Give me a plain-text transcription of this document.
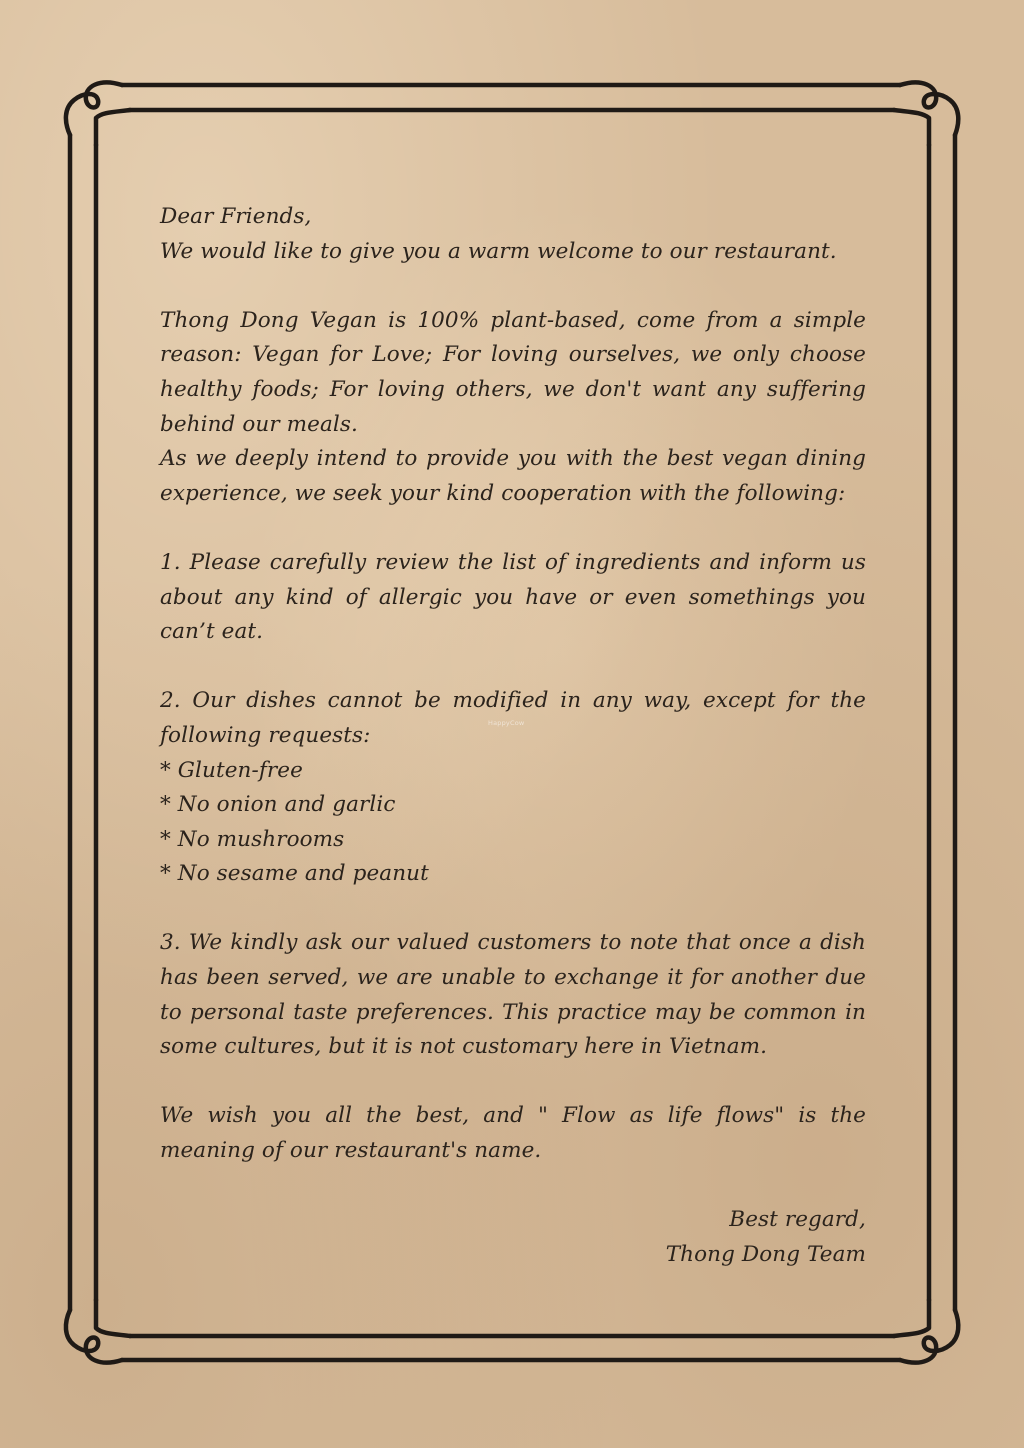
Dear Friends,

We would like to give you a warm welcome to our restaurant.

Thong Dong Vegan is 100% plant-based, come from a simple reason: Vegan for Love; For loving ourselves, we only choose healthy foods; For loving others, we don't want any suffering behind our meals.

As we deeply intend to provide you with the best vegan dining experience, we seek your kind cooperation with the following:

1. Please carefully review the list of ingredients and inform us about any kind of allergic you have or even somethings you can’t eat.

2. Our dishes cannot be modified in any way, except for the following requests:

* Gluten-free
* No onion and garlic
* No mushrooms
* No sesame and peanut

3. We kindly ask our valued customers to note that once a dish has been served, we are unable to exchange it for another due to personal taste preferences. This practice may be common in some cultures, but it is not customary here in Vietnam.

We wish you all the best, and " Flow as life flows" is the meaning of our restaurant's name.

Best regard,

Thong Dong Team

HappyCow
